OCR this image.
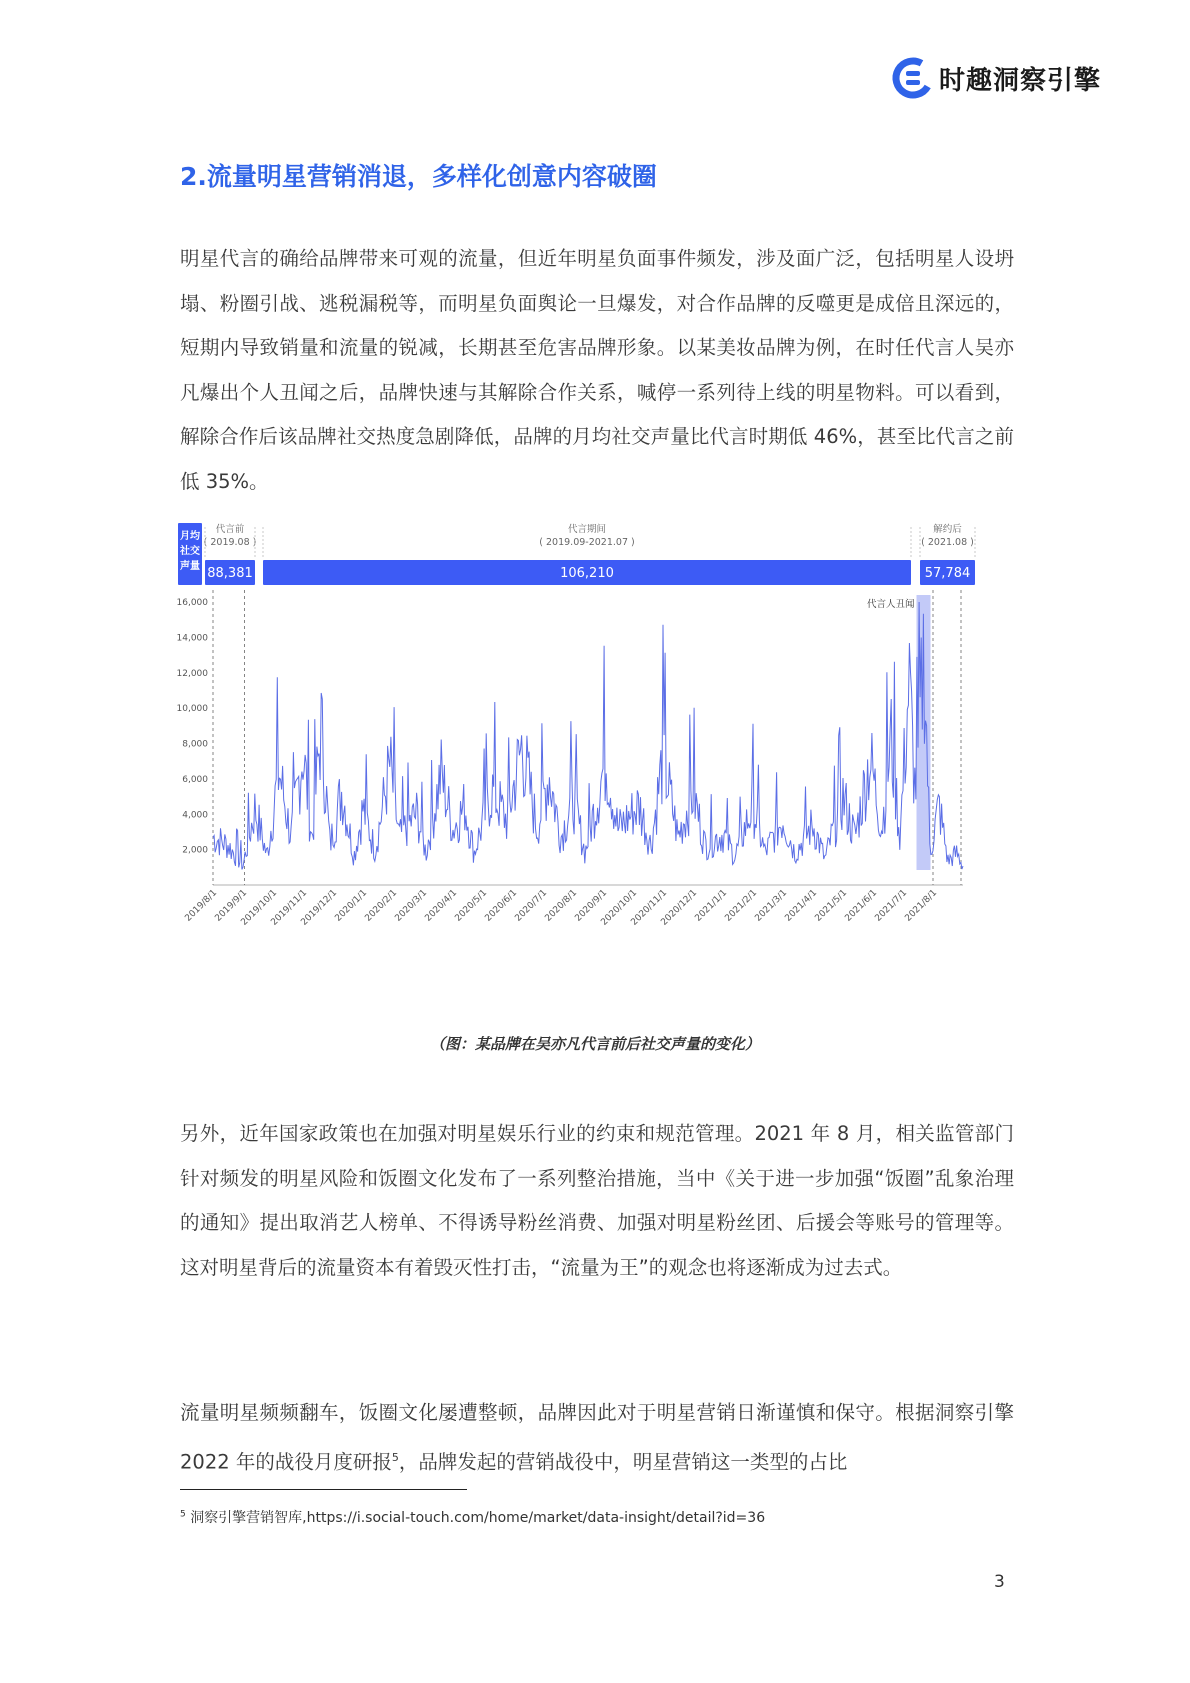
时趣洞察引擎
2.流量明星营销消退，多样化创意内容破圈

明星代言的确给品牌带来可观的流量，但近年明星负面事件频发，涉及面广泛，包括明星人设坍塌、粉圈引战、逃税漏税等，而明星负面舆论一旦爆发，对合作品牌的反噬更是成倍且深远的，短期内导致销量和流量的锐减，长期甚至危害品牌形象。以某美妆品牌为例，在时任代言人吴亦凡爆出个人丑闻之后，品牌快速与其解除合作关系，喊停一系列待上线的明星物料。可以看到，解除合作后该品牌社交热度急剧降低，品牌的月均社交声量比代言时期低 46%，甚至比代言之前低 35%。

月均
社交
声量
代言前
( 2019.08 )
88,381
代言期间
( 2019.09-2021.07 )
106,210
解约后
( 2021.08 )
57,784
2,000
4,000
6,000
8,000
10,000
12,000
14,000
16,000
2019/8/1
2019/9/1
2019/10/1
2019/11/1
2019/12/1
2020/1/1
2020/2/1
2020/3/1
2020/4/1
2020/5/1
2020/6/1
2020/7/1
2020/8/1
2020/9/1
2020/10/1
2020/11/1
2020/12/1
2021/1/1
2021/2/1
2021/3/1
2021/4/1
2021/5/1
2021/6/1
2021/7/1
2021/8/1
代言人丑闻
（图：某品牌在吴亦凡代言前后社交声量的变化）

另外，近年国家政策也在加强对明星娱乐行业的约束和规范管理。2021 年 8 月，相关监管部门针对频发的明星风险和饭圈文化发布了一系列整治措施，当中《关于进一步加强“饭圈”乱象治理的通知》提出取消艺人榜单、不得诱导粉丝消费、加强对明星粉丝团、后援会等账号的管理等。这对明星背后的流量资本有着毁灭性打击，“流量为王”的观念也将逐渐成为过去式。

流量明星频频翻车，饭圈文化屡遭整顿，品牌因此对于明星营销日渐谨慎和保守。根据洞察引擎 2022 年的战役月度研报$^5$，品牌发起的营销战役中，明星营销这一类型的占比

$^5$ 洞察引擎营销智库,https://i.social-touch.com/home/market/data-insight/detail?id=36
3
